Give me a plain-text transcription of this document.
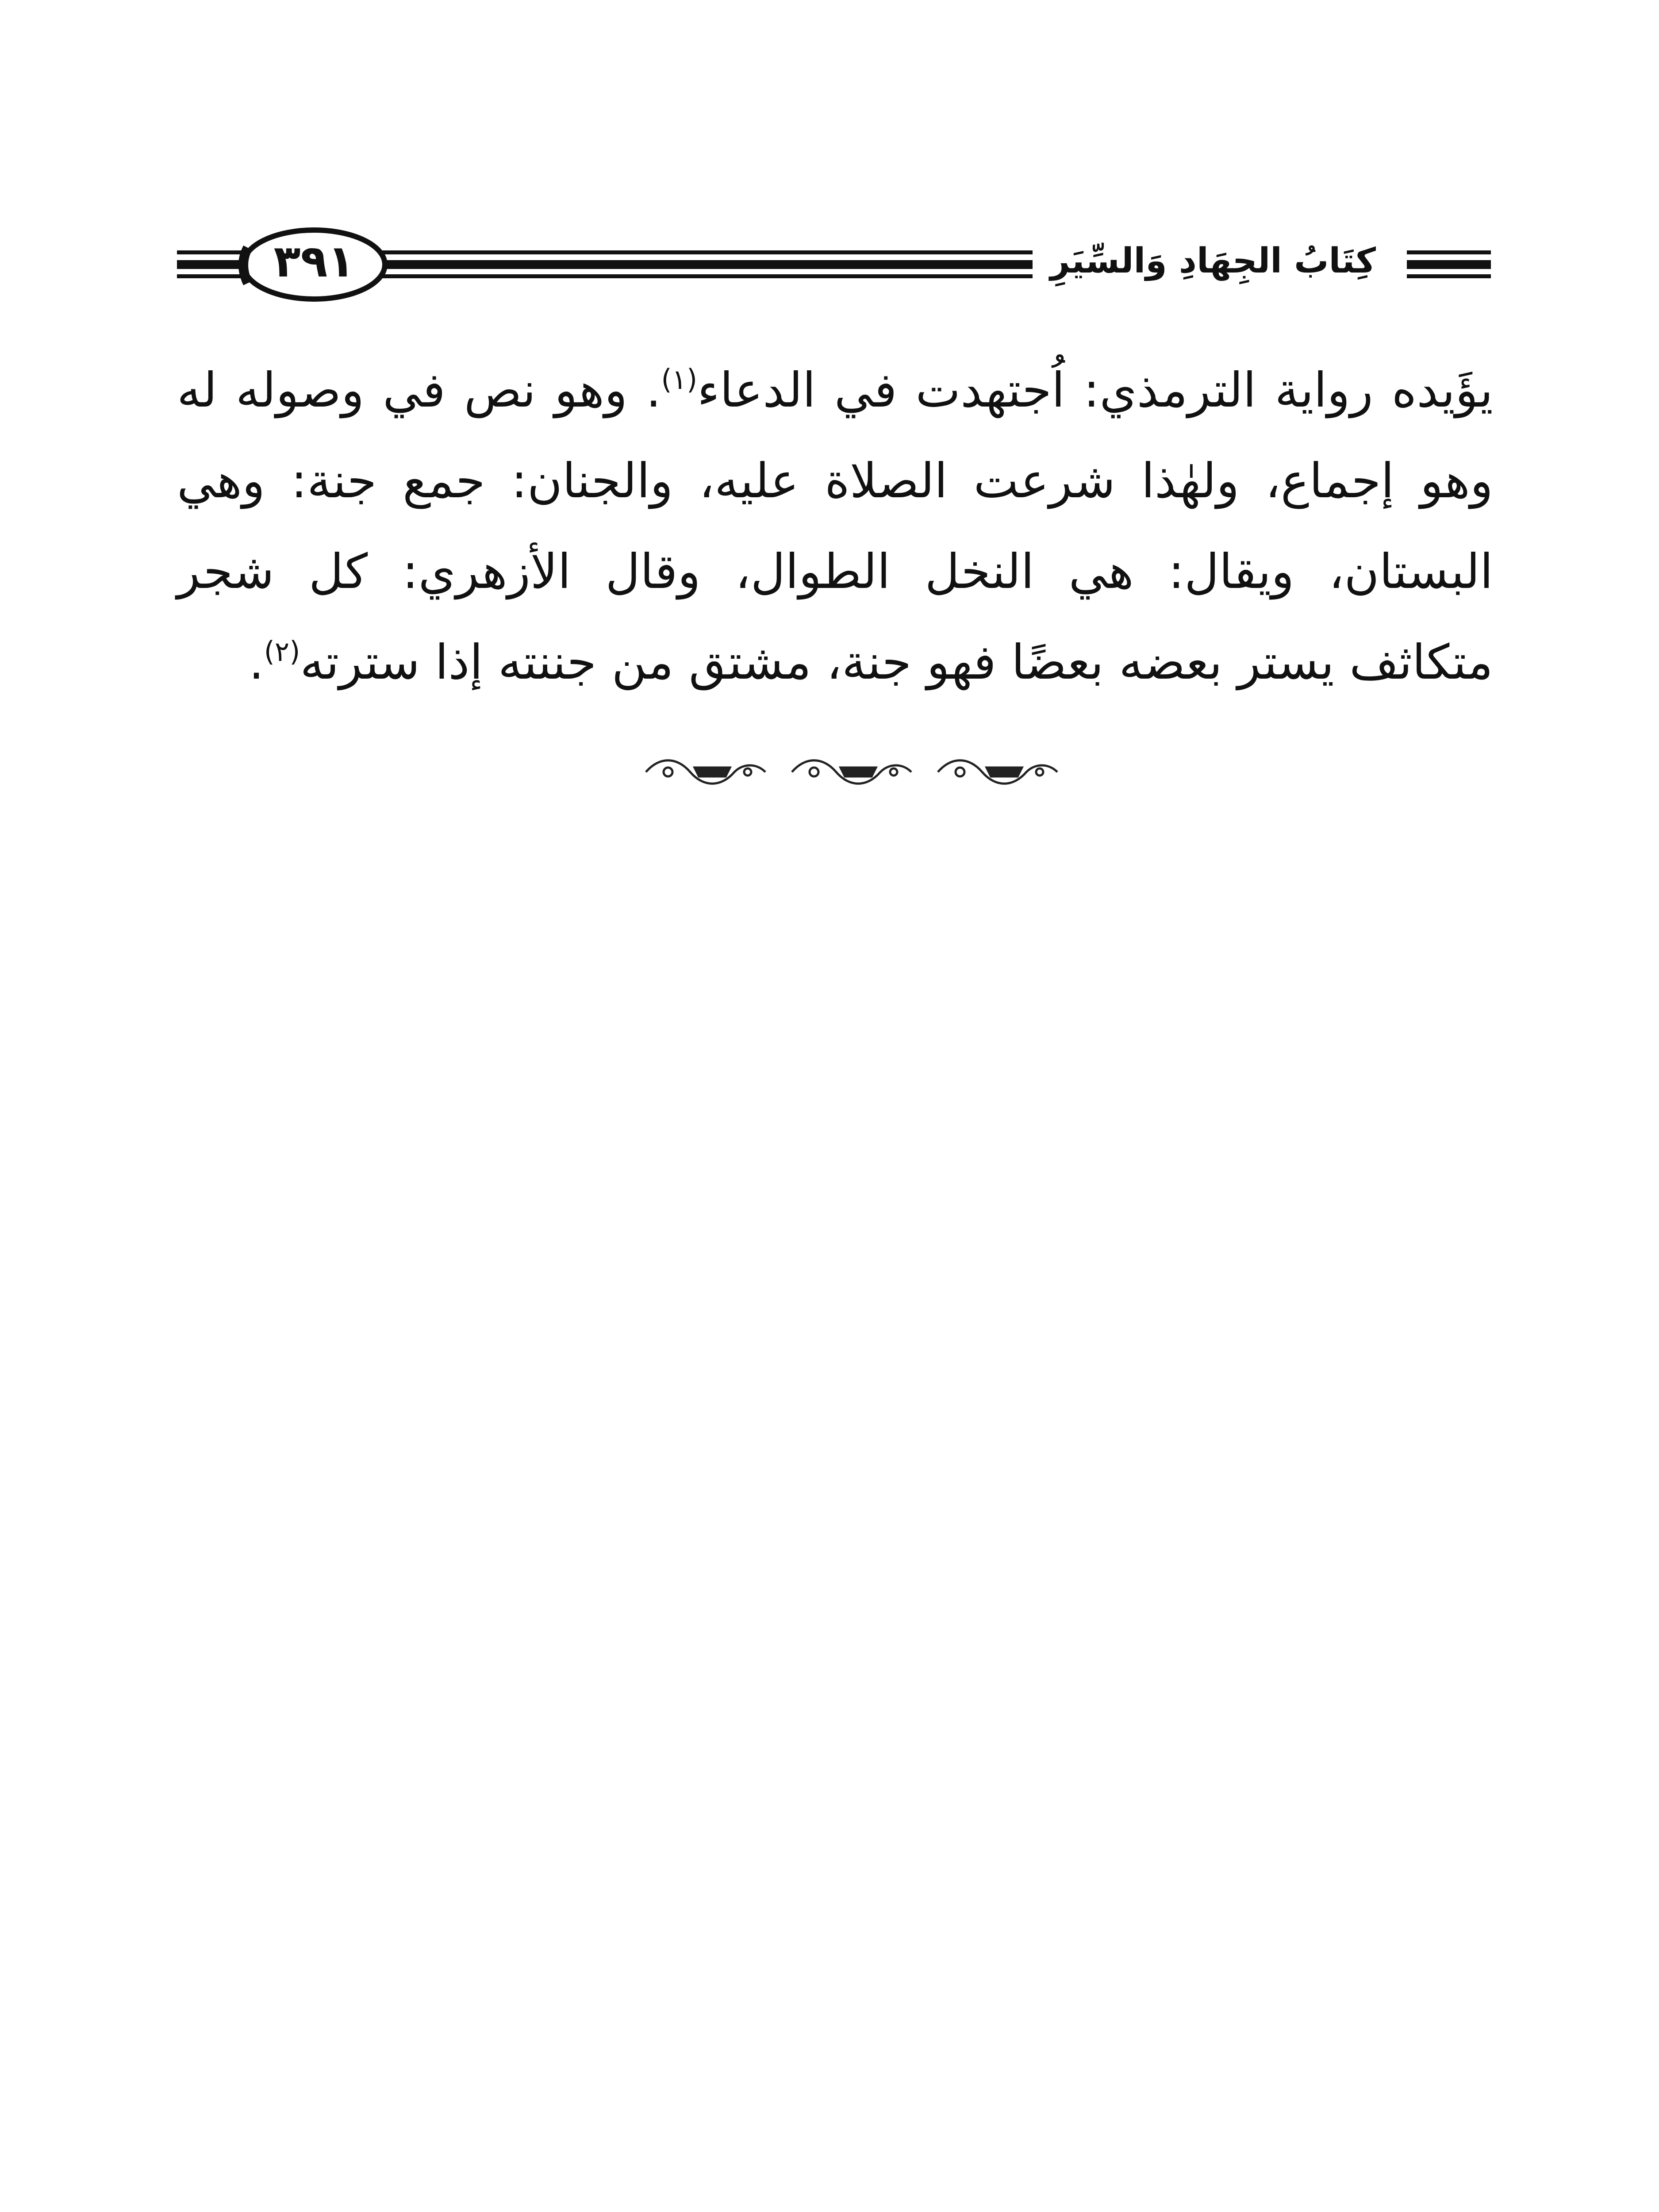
٣٩١	كِتَابُ الجِهَادِ وَالسِّيَرِ
يؤَيده رواية الترمذي: اُجتهدت في الدعاء$^{(١)}$. وهو نص في وصوله له
وهو إجماع، ولهٰذا شرعت الصلاة عليه، والجنان: جمع جنة: وهي
البستان، ويقال: هي النخل الطوال، وقال الأزهري: كل شجر
متكاثف يستر بعضه بعضًا فهو جنة، مشتق من جننته إذا سترته$^{(٢)}$.
